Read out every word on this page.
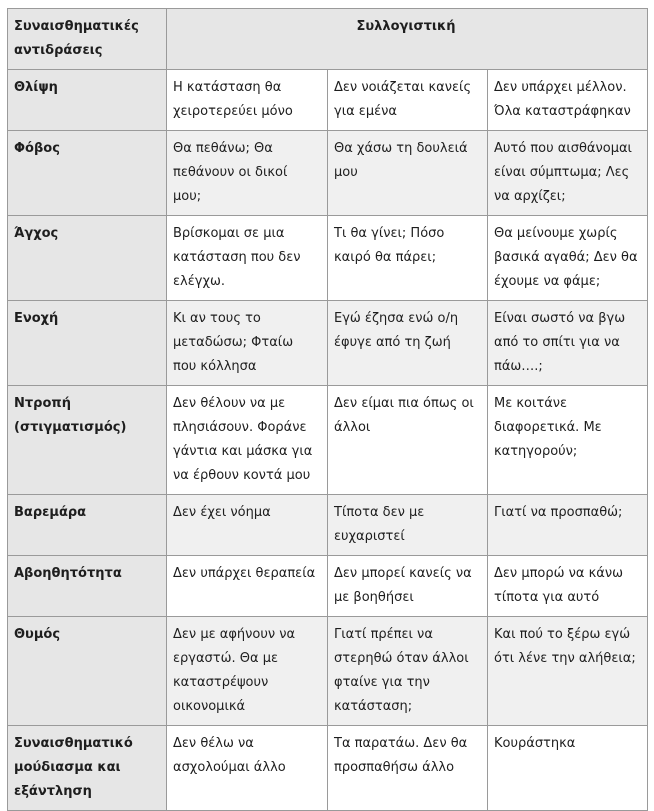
Συναισθηματικές αντιδράσεις	Συλλογιστική		
Θλίψη	Η κατάσταση θα χειροτερεύει μόνο	Δεν νοιάζεται κανείς για εμένα	Δεν υπάρχει μέλλον. Όλα καταστράφηκαν
Φόβος	Θα πεθάνω; Θα πεθάνουν οι δικοί μου;	Θα χάσω τη δουλειά μου	Αυτό που αισθάνομαι είναι σύμπτωμα; Λες να αρχίζει;
Άγχος	Βρίσκομαι σε μια κατάσταση που δεν ελέγχω.	Τι θα γίνει; Πόσο καιρό θα πάρει;	Θα μείνουμε χωρίς βασικά αγαθά; Δεν θα έχουμε να φάμε;
Ενοχή	Κι αν τους το μεταδώσω; Φταίω που κόλλησα	Εγώ έζησα ενώ ο/η έφυγε από τη ζωή	Είναι σωστό να βγω από το σπίτι για να πάω….;
Ντροπή (στιγματισμός)	Δεν θέλουν να με πλησιάσουν. Φοράνε γάντια και μάσκα για να έρθουν κοντά μου	Δεν είμαι πια όπως οι άλλοι	Με κοιτάνε διαφορετικά. Με κατηγορούν;
Βαρεμάρα	Δεν έχει νόημα	Τίποτα δεν με ευχαριστεί	Γιατί να προσπαθώ;
Αβοηθητότητα	Δεν υπάρχει θεραπεία	Δεν μπορεί κανείς να με βοηθήσει	Δεν μπορώ να κάνω τίποτα για αυτό
Θυμός	Δεν με αφήνουν να εργαστώ. Θα με καταστρέψουν οικονομικά	Γιατί πρέπει να στερηθώ όταν άλλοι φταίνε για την κατάσταση;	Και πού το ξέρω εγώ ότι λένε την αλήθεια;
Συναισθηματικό μούδιασμα και εξάντληση	Δεν θέλω να ασχολούμαι άλλο	Τα παρατάω. Δεν θα προσπαθήσω άλλο	Κουράστηκα
